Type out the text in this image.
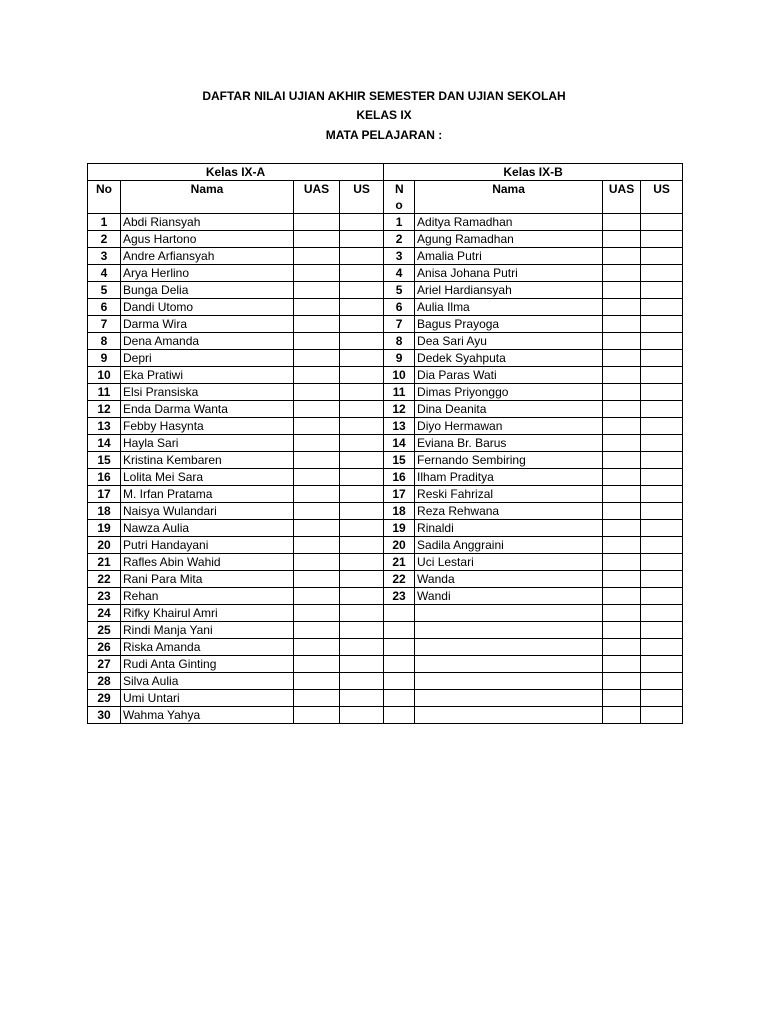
DAFTAR NILAI UJIAN AKHIR SEMESTER DAN UJIAN SEKOLAH
KELAS IX
MATA PELAJARAN :
Kelas IX-A				Kelas IX-B			
No	Nama	UAS	US	No	Nama	UAS	US
1	Abdi Riansyah			1	Aditya Ramadhan		
2	Agus Hartono			2	Agung Ramadhan		
3	Andre Arfiansyah			3	Amalia Putri		
4	Arya Herlino			4	Anisa Johana Putri		
5	Bunga Delia			5	Ariel Hardiansyah		
6	Dandi Utomo			6	Aulia Ilma		
7	Darma Wira			7	Bagus Prayoga		
8	Dena Amanda			8	Dea Sari Ayu		
9	Depri			9	Dedek Syahputa		
10	Eka Pratiwi			10	Dia Paras Wati		
11	Elsi Pransiska			11	Dimas Priyonggo		
12	Enda Darma Wanta			12	Dina Deanita		
13	Febby Hasynta			13	Diyo Hermawan		
14	Hayla Sari			14	Eviana Br. Barus		
15	Kristina Kembaren			15	Fernando Sembiring		
16	Lolita Mei Sara			16	Ilham Praditya		
17	M. Irfan Pratama			17	Reski Fahrizal		
18	Naisya Wulandari			18	Reza Rehwana		
19	Nawza Aulia			19	Rinaldi		
20	Putri Handayani			20	Sadila Anggraini		
21	Rafles Abin Wahid			21	Uci Lestari		
22	Rani Para Mita			22	Wanda		
23	Rehan			23	Wandi		
24	Rifky Khairul Amri						
25	Rindi Manja Yani						
26	Riska Amanda						
27	Rudi Anta Ginting						
28	Silva Aulia						
29	Umi Untari						
30	Wahma Yahya						
